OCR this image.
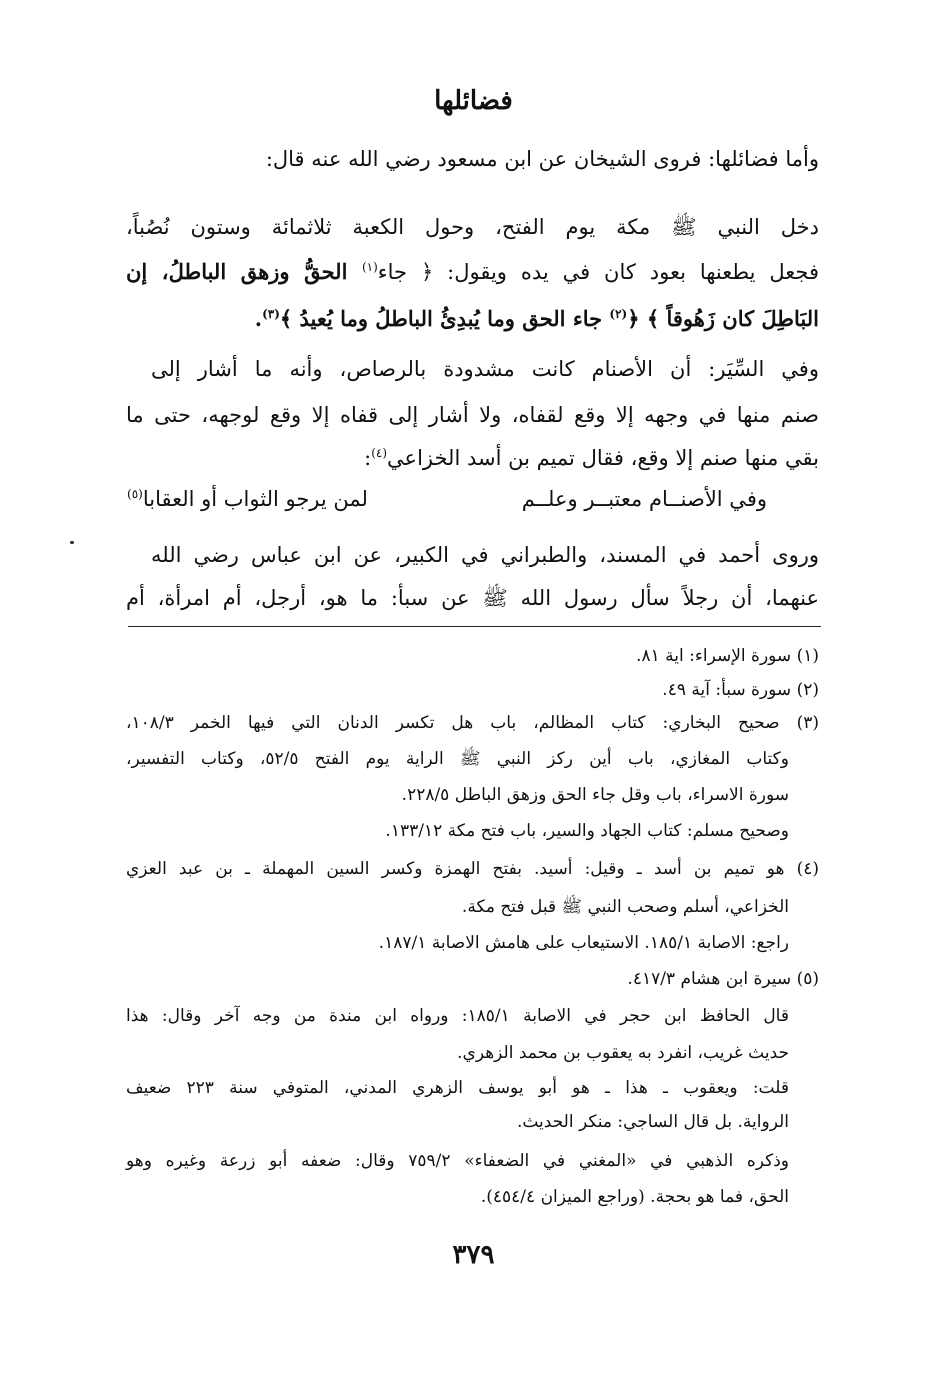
فضائلها
وأما فضائلها: فروى الشيخان عن ابن مسعود رضي الله عنه قال:
دخل النبي ﷺ مكة يوم الفتح، وحول الكعبة ثلاثمائة وستون نُصُباً،
فجعل يطعنها بعود كان في يده ويقول: ﴿ جاء$^{(١)}$ الحقُّ وزهق الباطلُ، إن
البَاطِلَ كان زَهُوقاً ﴾ ﴿$^{(٢)}$ جاء الحق وما يُبدِئُ الباطلُ وما يُعيدُ ﴾$^{(٣)}$.
وفي السِّيَر: أن الأصنام كانت مشدودة بالرصاص، وأنه ما أشار إلى
صنم منها في وجهه إلا وقع لقفاه، ولا أشار إلى قفاه إلا وقع لوجهه، حتى ما
بقي منها صنم إلا وقع، فقال تميم بن أسد الخزاعي$^{(٤)}$:
وفي الأصنــام معتبــر وعلــم
لمن يرجو الثواب أو العقابا$^{(٥)}$
وروى أحمد في المسند، والطبراني في الكبير، عن ابن عباس رضي الله
عنهما، أن رجلاً سأل رسول الله ﷺ عن سبأ: ما هو، أرجل، أم امرأة، أم
(١) سورة الإسراء: اية ٨١.
(٢) سورة سبأ: آية ٤٩.
(٣) صحيح البخاري: كتاب المظالم، باب هل تكسر الدنان التي فيها الخمر ١٠٨/٣،
وكتاب المغازي، باب أين ركز النبي ﷺ الراية يوم الفتح ٥٢/٥، وكتاب التفسير،
سورة الاسراء، باب وقل جاء الحق وزهق الباطل ٢٢٨/٥.
وصحيح مسلم: كتاب الجهاد والسير، باب فتح مكة ١٣٣/١٢.
(٤) هو تميم بن أسد ـ وقيل: أسيد. بفتح الهمزة وكسر السين المهملة ـ بن عبد العزي
الخزاعي، أسلم وصحب النبي ﷺ قبل فتح مكة.
راجع: الاصابة ١٨٥/١. الاستيعاب على هامش الاصابة ١٨٧/١.
(٥) سيرة ابن هشام ٤١٧/٣.
قال الحافظ ابن حجر في الاصابة ١٨٥/١: ورواه ابن مندة من وجه آخر وقال: هذا
حديث غريب، انفرد به يعقوب بن محمد الزهري.
قلت: ويعقوب ـ هذا ـ هو أبو يوسف الزهري المدني، المتوفي سنة ٢٢٣ ضعيف
الرواية. بل قال الساجي: منكر الحديث.
وذكره الذهبي في «المغني في الضعفاء» ٧٥٩/٢ وقال: ضعفه أبو زرعة وغيره وهو
الحق، فما هو بحجة. (وراجع الميزان ٤٥٤/٤).
٣٧٩
